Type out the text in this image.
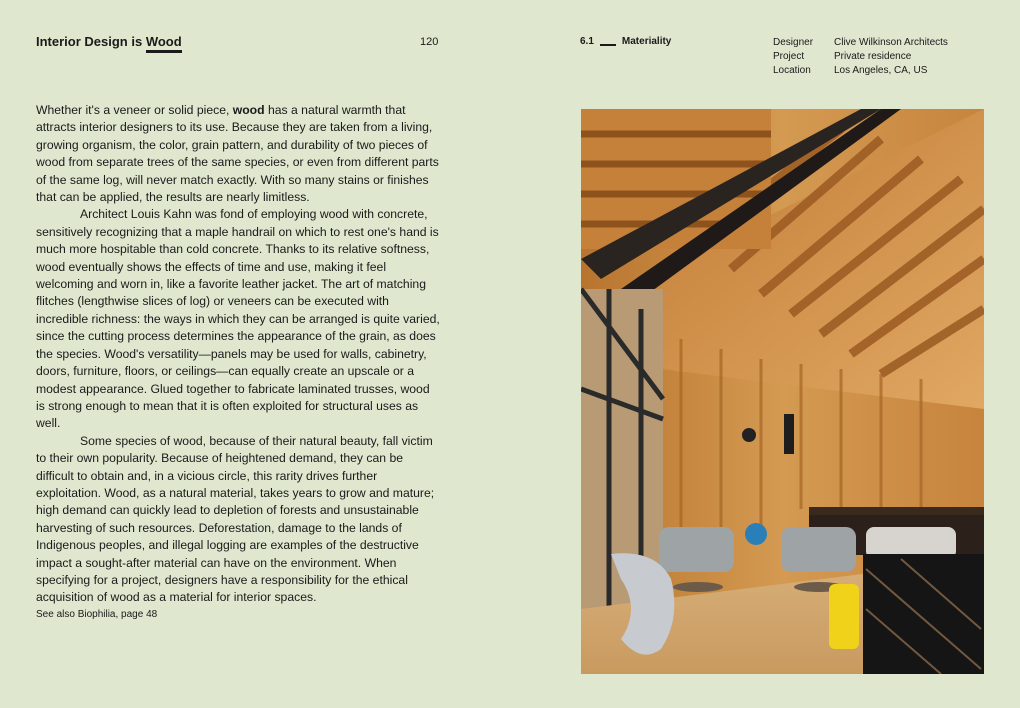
Interior Design is Wood	120	6.1	Materiality	Designer	Clive Wilkinson Architects
Project	Private residence
Location	Los Angeles, CA, US

Whether it's a veneer or solid piece, wood has a natural warmth that attracts interior designers to its use. Because they are taken from a living, growing organism, the color, grain pattern, and durability of two pieces of wood from separate trees of the same species, or even from different parts of the same log, will never match exactly. With so many stains or finishes that can be applied, the results are nearly limitless.

Architect Louis Kahn was fond of employing wood with concrete, sensitively recognizing that a maple handrail on which to rest one's hand is much more hospitable than cold concrete. Thanks to its relative softness, wood eventually shows the effects of time and use, making it feel welcoming and worn in, like a favorite leather jacket. The art of matching flitches (lengthwise slices of log) or veneers can be executed with incredible richness: the ways in which they can be arranged is quite varied, since the cutting process determines the appearance of the grain, as does the species. Wood's versatility—panels may be used for walls, cabinetry, doors, furniture, floors, or ceilings—can equally create an upscale or a modest appearance. Glued together to fabricate laminated trusses, wood is strong enough to mean that it is often exploited for structural uses as well.

Some species of wood, because of their natural beauty, fall victim to their own popularity. Because of heightened demand, they can be difficult to obtain and, in a vicious circle, this rarity drives further exploitation. Wood, as a natural material, takes years to grow and mature; high demand can quickly lead to depletion of forests and unsustainable harvesting of such resources. Deforestation, damage to the lands of Indigenous peoples, and illegal logging are examples of the destructive impact a sought-after material can have on the environment. When specifying for a project, designers have a responsibility for the ethical acquisition of wood as a material for interior spaces.

See also Biophilia, page 48
